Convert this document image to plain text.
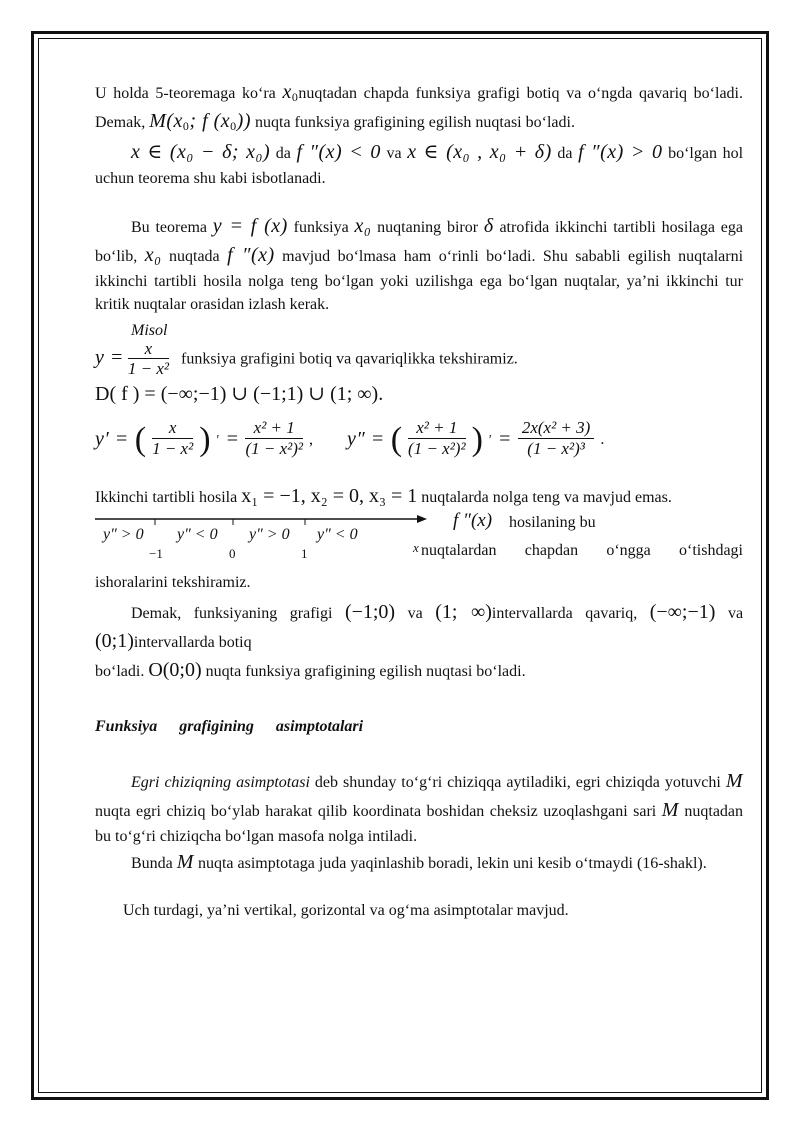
U holda 5-teoremaga ko‘ra $x_0nuqtadan$ chapda funksiya grafigi botiq va o‘ngda qavariq bo‘ladi. Demak, $M(x_0$; f $(x_0)$) nuqta funksiya grafigining egilish nuqtasi bo‘ladi.

x ∈ (x₀ − δ; x₀) da f ″(x) < 0 va x ∈ (x₀ , x₀ + δ) da f ″(x) > 0 bo‘lgan hol uchun teorema shu kabi isbotlanadi.

Bu teorema y = f (x) funksiya x₀ nuqtaning biror δ atrofida ikkinchi tartibli hosilaga ega bo‘lib, x₀ nuqtada f ″(x) mavjud bo‘lmasa ham o‘rinli bo‘ladi. Shu sababli egilish nuqtalarni ikkinchi tartibli hosila nolga teng bo‘lgan yoki uzilishga ega bo‘lgan nuqtalar, ya’ni ikkinchi tur kritik nuqtalar orasidan izlash kerak.

Misol

$y = \frac{x}{\text{1 − x²}}$ funksiya grafigini botiq va qavariqlikka tekshiramiz.

D( f ) = (−∞;−1) ∪ (−1;1) ∪ (1; ∞).

y′ = ( $\frac{x}{\text{1 − x²}}$ ) ′ = $\frac{\text{x² + 1}}{\text{(1 − x²)²}}$ , y″ = ( $\frac{\text{x² + 1}}{\text{(1 − x²)²}}$ ) ′ = $\frac{\text{2x(x² + 3)}}{\text{(1 − x²)³}}$ .

Ikkinchi tartibli hosila x₁ = −1, x₂ = 0, x₃ = 1 nuqtalarda nolga teng va mavjud emas.

y″ > 0 y″ < 0 y″ > 0 y″ < 0
−1	0	1	x
f ″(x) hosilaning bu
nuqtalardan chapdan o‘ngga o‘tishdagi

ishoralarini tekshiramiz.

Demak, funksiyaning grafigi (−1;0) va (1; ∞)intervallarda qavariq, (−∞;−1) va (0;1)intervallarda botiq

bo‘ladi. O(0;0) nuqta funksiya grafigining egilish nuqtasi bo‘ladi.

Funksiya grafigining asimptotalari

Egri chiziqning asimptotasi deb shunday to‘g‘ri chiziqqa aytiladiki, egri chiziqda yotuvchi M nuqta egri chiziq bo‘ylab harakat qilib koordinata boshidan cheksiz uzoqlashgani sari M nuqtadan bu to‘g‘ri chiziqcha bo‘lgan masofa nolga intiladi.

Bunda M nuqta asimptotaga juda yaqinlashib boradi, lekin uni kesib o‘tmaydi (16-shakl).

Uch turdagi, ya’ni vertikal, gorizontal va og‘ma asimptotalar mavjud.
